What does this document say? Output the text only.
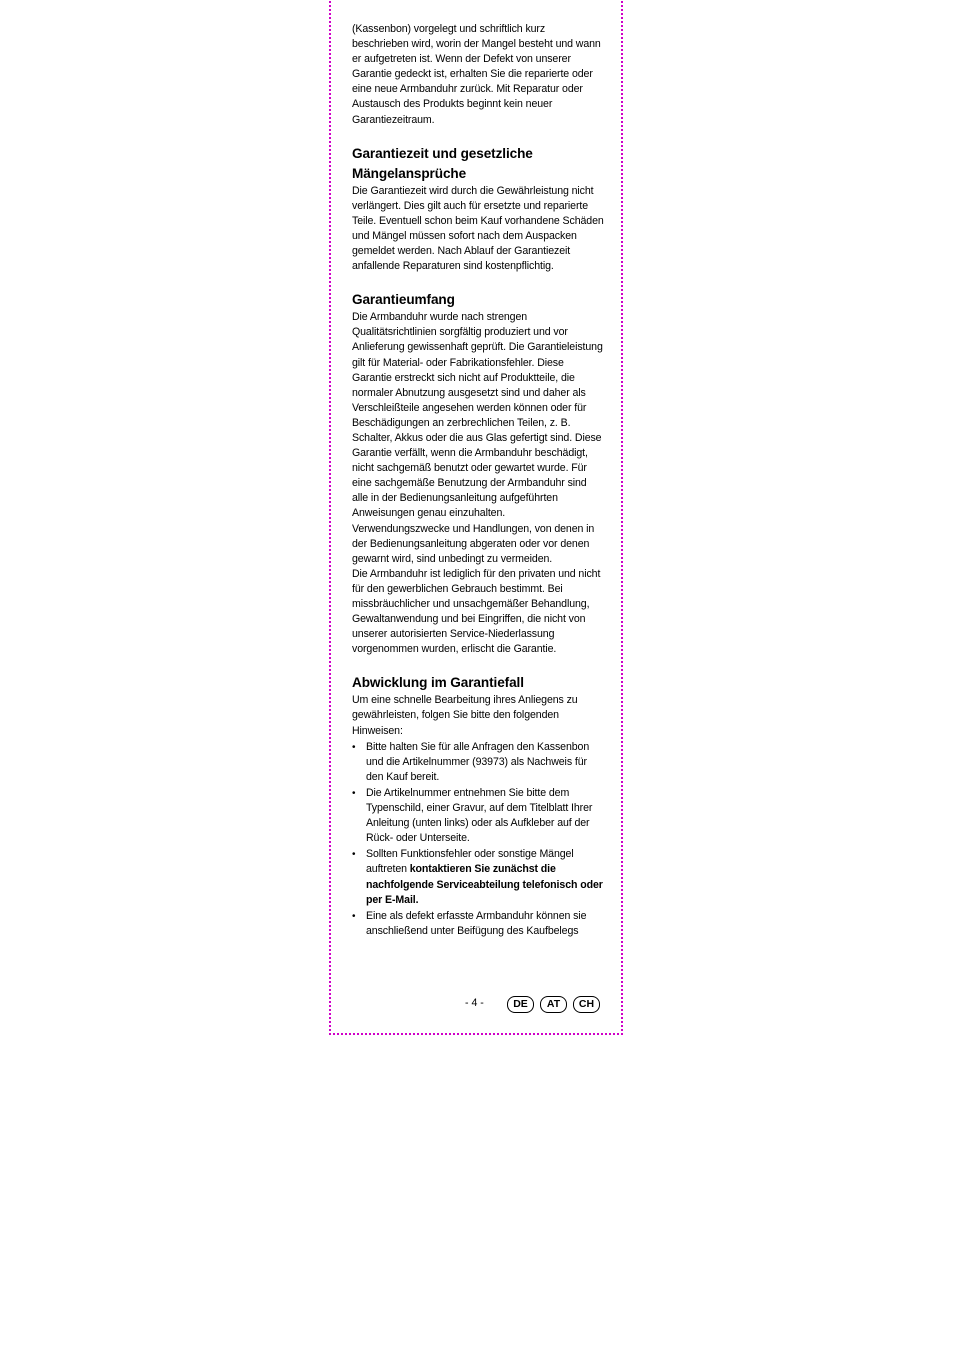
(Kassenbon) vorgelegt und schriftlich kurz beschrieben wird, worin der Mangel besteht und wann er aufgetreten ist. Wenn der Defekt von unserer Garantie gedeckt ist, erhalten Sie die reparierte oder eine neue Armbanduhr zurück. Mit Reparatur oder Austausch des Produkts beginnt kein neuer Garantiezeitraum.

Garantiezeit und gesetzliche Mängelansprüche

Die Garantiezeit wird durch die Gewährleistung nicht verlängert. Dies gilt auch für ersetzte und reparierte Teile. Eventuell schon beim Kauf vorhandene Schäden und Mängel müssen sofort nach dem Auspacken gemeldet werden. Nach Ablauf der Garantiezeit anfallende Reparaturen sind kostenpflichtig.

Garantieumfang

Die Armbanduhr wurde nach strengen Qualitätsrichtlinien sorgfältig produziert und vor Anlieferung gewissenhaft geprüft. Die Garantieleistung gilt für Material- oder Fabrikationsfehler. Diese Garantie erstreckt sich nicht auf Produktteile, die normaler Abnutzung ausgesetzt sind und daher als Verschleißteile angesehen werden können oder für Beschädigungen an zerbrechlichen Teilen, z. B. Schalter, Akkus oder die aus Glas gefertigt sind. Diese Garantie verfällt, wenn die Armbanduhr beschädigt, nicht sachgemäß benutzt oder gewartet wurde. Für eine sachgemäße Benutzung der Armbanduhr sind alle in der Bedienungsanleitung aufgeführten Anweisungen genau einzuhalten. Verwendungszwecke und Handlungen, von denen in der Bedienungsanleitung abgeraten oder vor denen gewarnt wird, sind unbedingt zu vermeiden.

Die Armbanduhr ist lediglich für den privaten und nicht für den gewerblichen Gebrauch bestimmt. Bei missbräuchlicher und unsachgemäßer Behandlung, Gewaltanwendung und bei Eingriffen, die nicht von unserer autorisierten Service-Niederlassung vorgenommen wurden, erlischt die Garantie.

Abwicklung im Garantiefall

Um eine schnelle Bearbeitung ihres Anliegens zu gewährleisten, folgen Sie bitte den folgenden Hinweisen:

• Bitte halten Sie für alle Anfragen den Kassenbon und die Artikelnummer (93973) als Nachweis für den Kauf bereit.
• Die Artikelnummer entnehmen Sie bitte dem Typenschild, einer Gravur, auf dem Titelblatt Ihrer Anleitung (unten links) oder als Aufkleber auf der Rück- oder Unterseite.
• Sollten Funktionsfehler oder sonstige Mängel auftreten kontaktieren Sie zunächst die nachfolgende Serviceabteilung telefonisch oder per E-Mail.
• Eine als defekt erfasste Armbanduhr können sie anschließend unter Beifügung des Kaufbelegs
- 4 -	DE	AT	CH
